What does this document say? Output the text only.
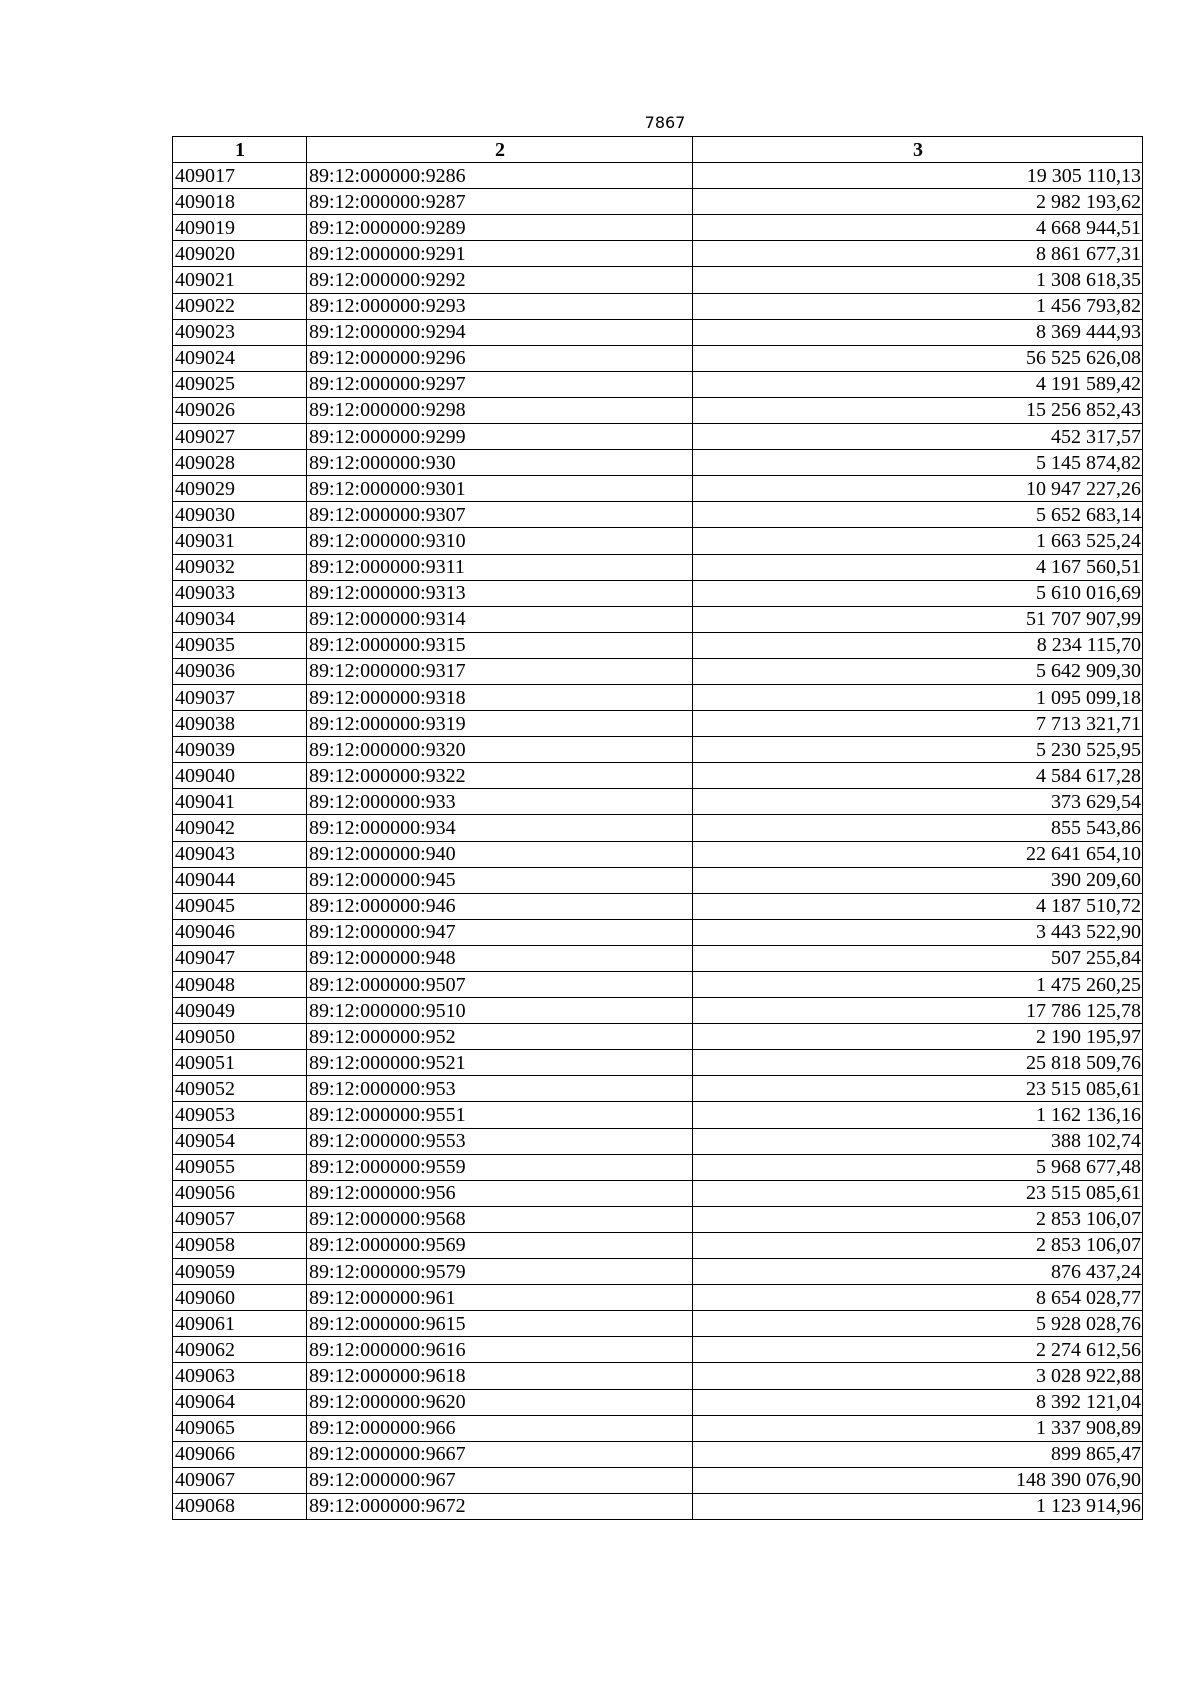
7867
1	2	3
409017	89:12:000000:9286	19 305 110,13
409018	89:12:000000:9287	2 982 193,62
409019	89:12:000000:9289	4 668 944,51
409020	89:12:000000:9291	8 861 677,31
409021	89:12:000000:9292	1 308 618,35
409022	89:12:000000:9293	1 456 793,82
409023	89:12:000000:9294	8 369 444,93
409024	89:12:000000:9296	56 525 626,08
409025	89:12:000000:9297	4 191 589,42
409026	89:12:000000:9298	15 256 852,43
409027	89:12:000000:9299	452 317,57
409028	89:12:000000:930	5 145 874,82
409029	89:12:000000:9301	10 947 227,26
409030	89:12:000000:9307	5 652 683,14
409031	89:12:000000:9310	1 663 525,24
409032	89:12:000000:9311	4 167 560,51
409033	89:12:000000:9313	5 610 016,69
409034	89:12:000000:9314	51 707 907,99
409035	89:12:000000:9315	8 234 115,70
409036	89:12:000000:9317	5 642 909,30
409037	89:12:000000:9318	1 095 099,18
409038	89:12:000000:9319	7 713 321,71
409039	89:12:000000:9320	5 230 525,95
409040	89:12:000000:9322	4 584 617,28
409041	89:12:000000:933	373 629,54
409042	89:12:000000:934	855 543,86
409043	89:12:000000:940	22 641 654,10
409044	89:12:000000:945	390 209,60
409045	89:12:000000:946	4 187 510,72
409046	89:12:000000:947	3 443 522,90
409047	89:12:000000:948	507 255,84
409048	89:12:000000:9507	1 475 260,25
409049	89:12:000000:9510	17 786 125,78
409050	89:12:000000:952	2 190 195,97
409051	89:12:000000:9521	25 818 509,76
409052	89:12:000000:953	23 515 085,61
409053	89:12:000000:9551	1 162 136,16
409054	89:12:000000:9553	388 102,74
409055	89:12:000000:9559	5 968 677,48
409056	89:12:000000:956	23 515 085,61
409057	89:12:000000:9568	2 853 106,07
409058	89:12:000000:9569	2 853 106,07
409059	89:12:000000:9579	876 437,24
409060	89:12:000000:961	8 654 028,77
409061	89:12:000000:9615	5 928 028,76
409062	89:12:000000:9616	2 274 612,56
409063	89:12:000000:9618	3 028 922,88
409064	89:12:000000:9620	8 392 121,04
409065	89:12:000000:966	1 337 908,89
409066	89:12:000000:9667	899 865,47
409067	89:12:000000:967	148 390 076,90
409068	89:12:000000:9672	1 123 914,96
